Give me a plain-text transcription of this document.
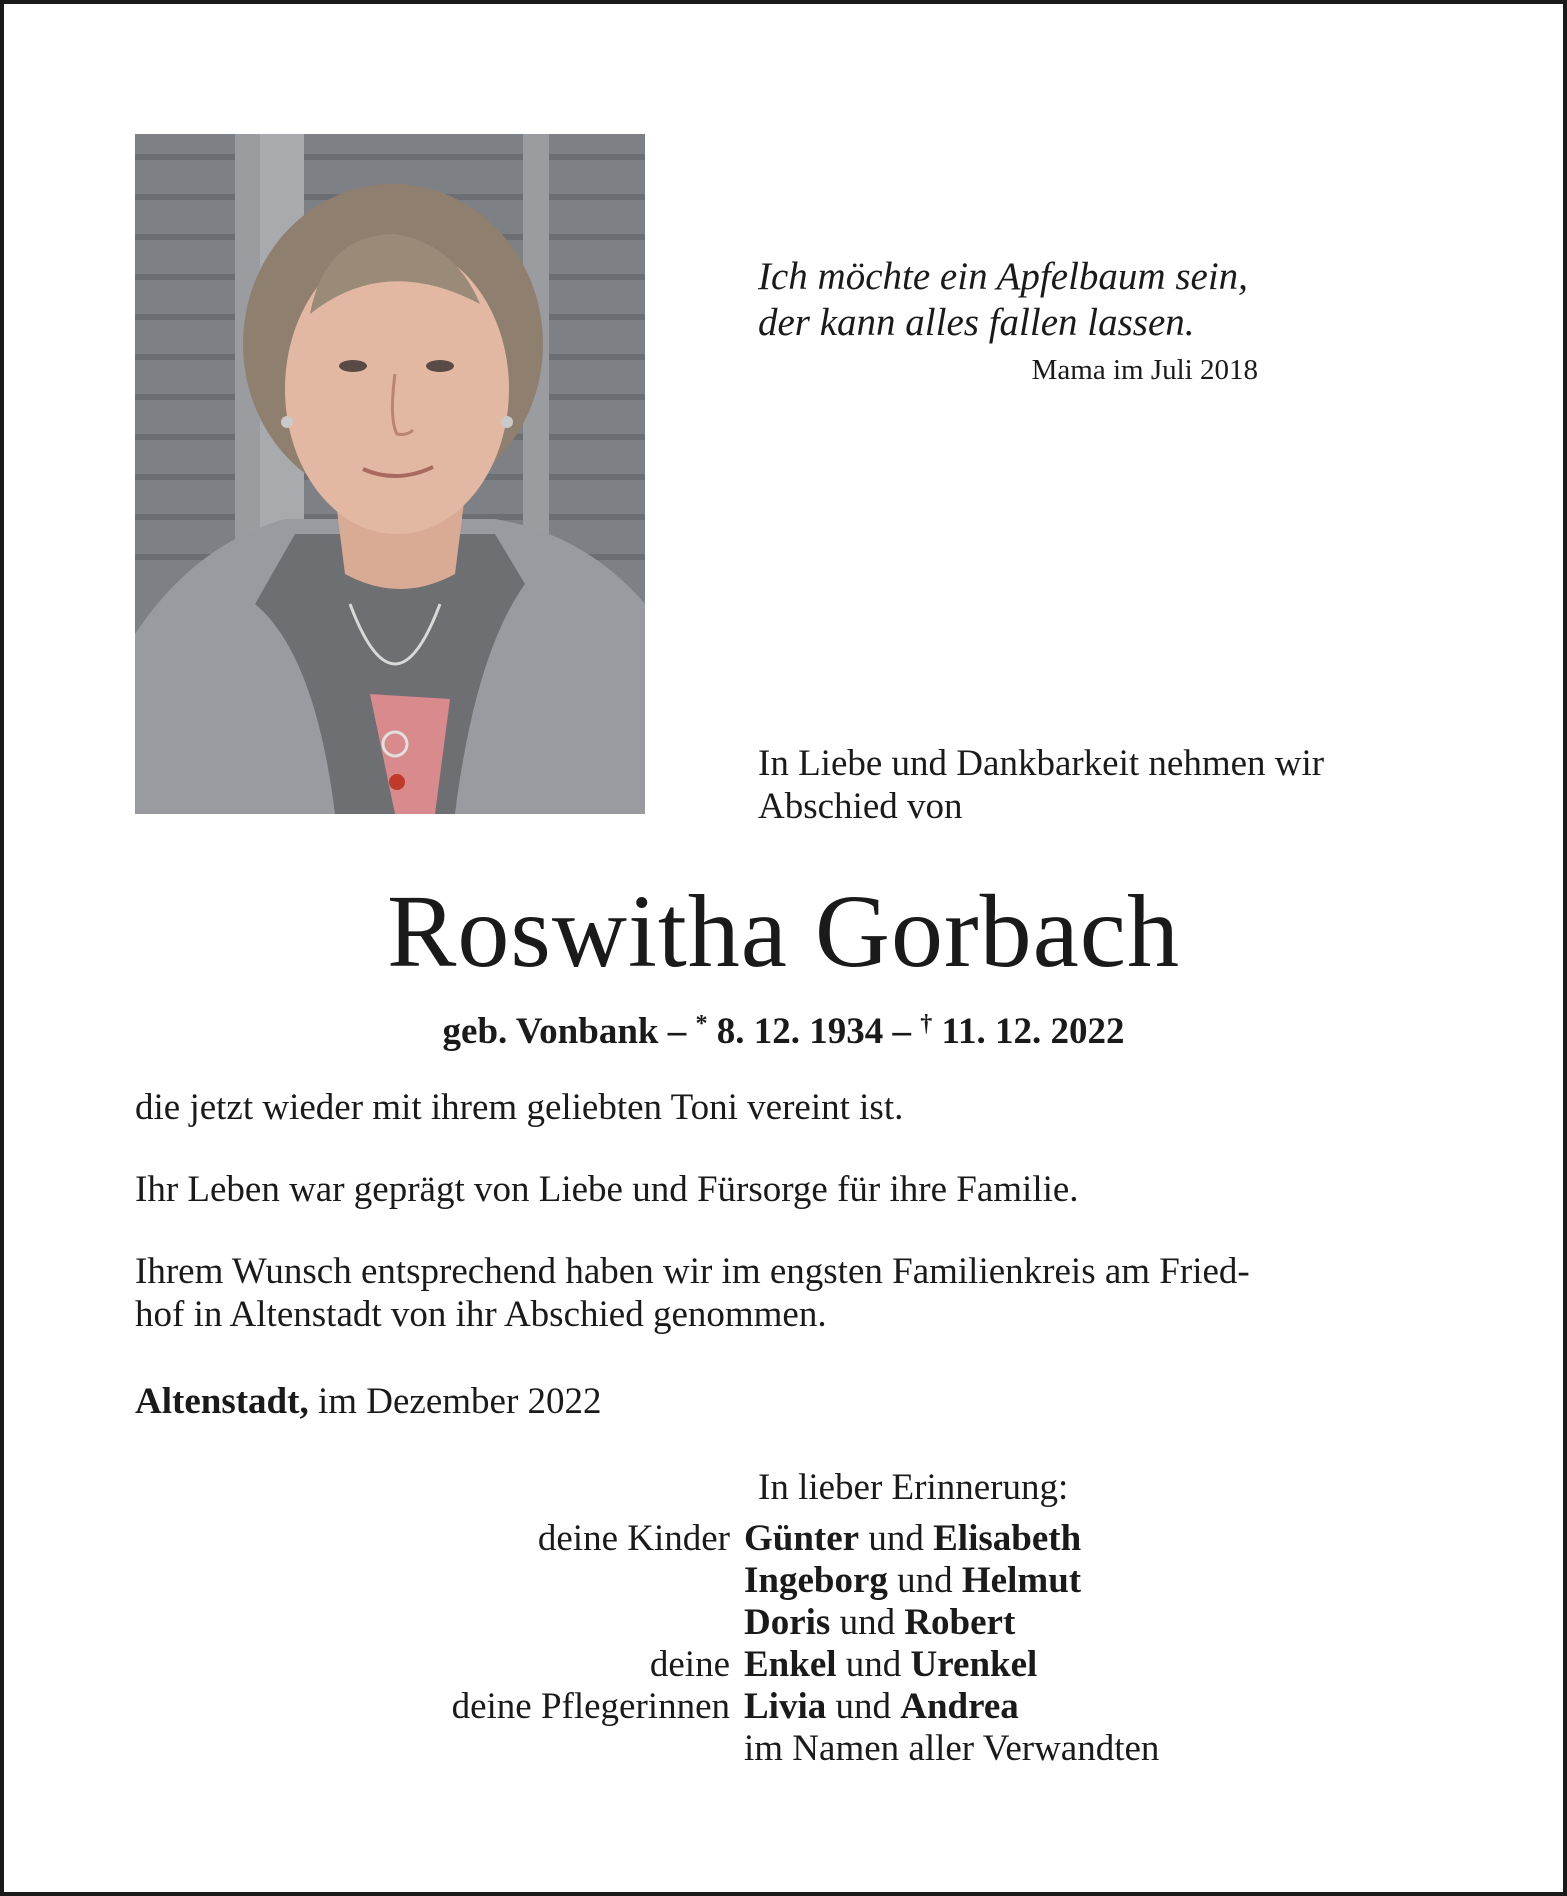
Ich möchte ein Apfelbaum sein,
der kann alles fallen lassen.
Mama im Juli 2018
In Liebe und Dankbarkeit nehmen wir
Abschied von
Roswitha Gorbach
geb. Vonbank – * 8. 12. 1934 – † 11. 12. 2022

die jetzt wieder mit ihrem geliebten Toni vereint ist.

Ihr Leben war geprägt von Liebe und Fürsorge für ihre Familie.

Ihrem Wunsch entsprechend haben wir im engsten Familienkreis am Fried-
hof in Altenstadt von ihr Abschied genommen.

Altenstadt, im Dezember 2022
In lieber Erinnerung:
deine Kinder Günter und Elisabeth
Ingeborg und Helmut
Doris und Robert
deine Enkel und Urenkel
deine Pflegerinnen Livia und Andrea
im Namen aller Verwandten
